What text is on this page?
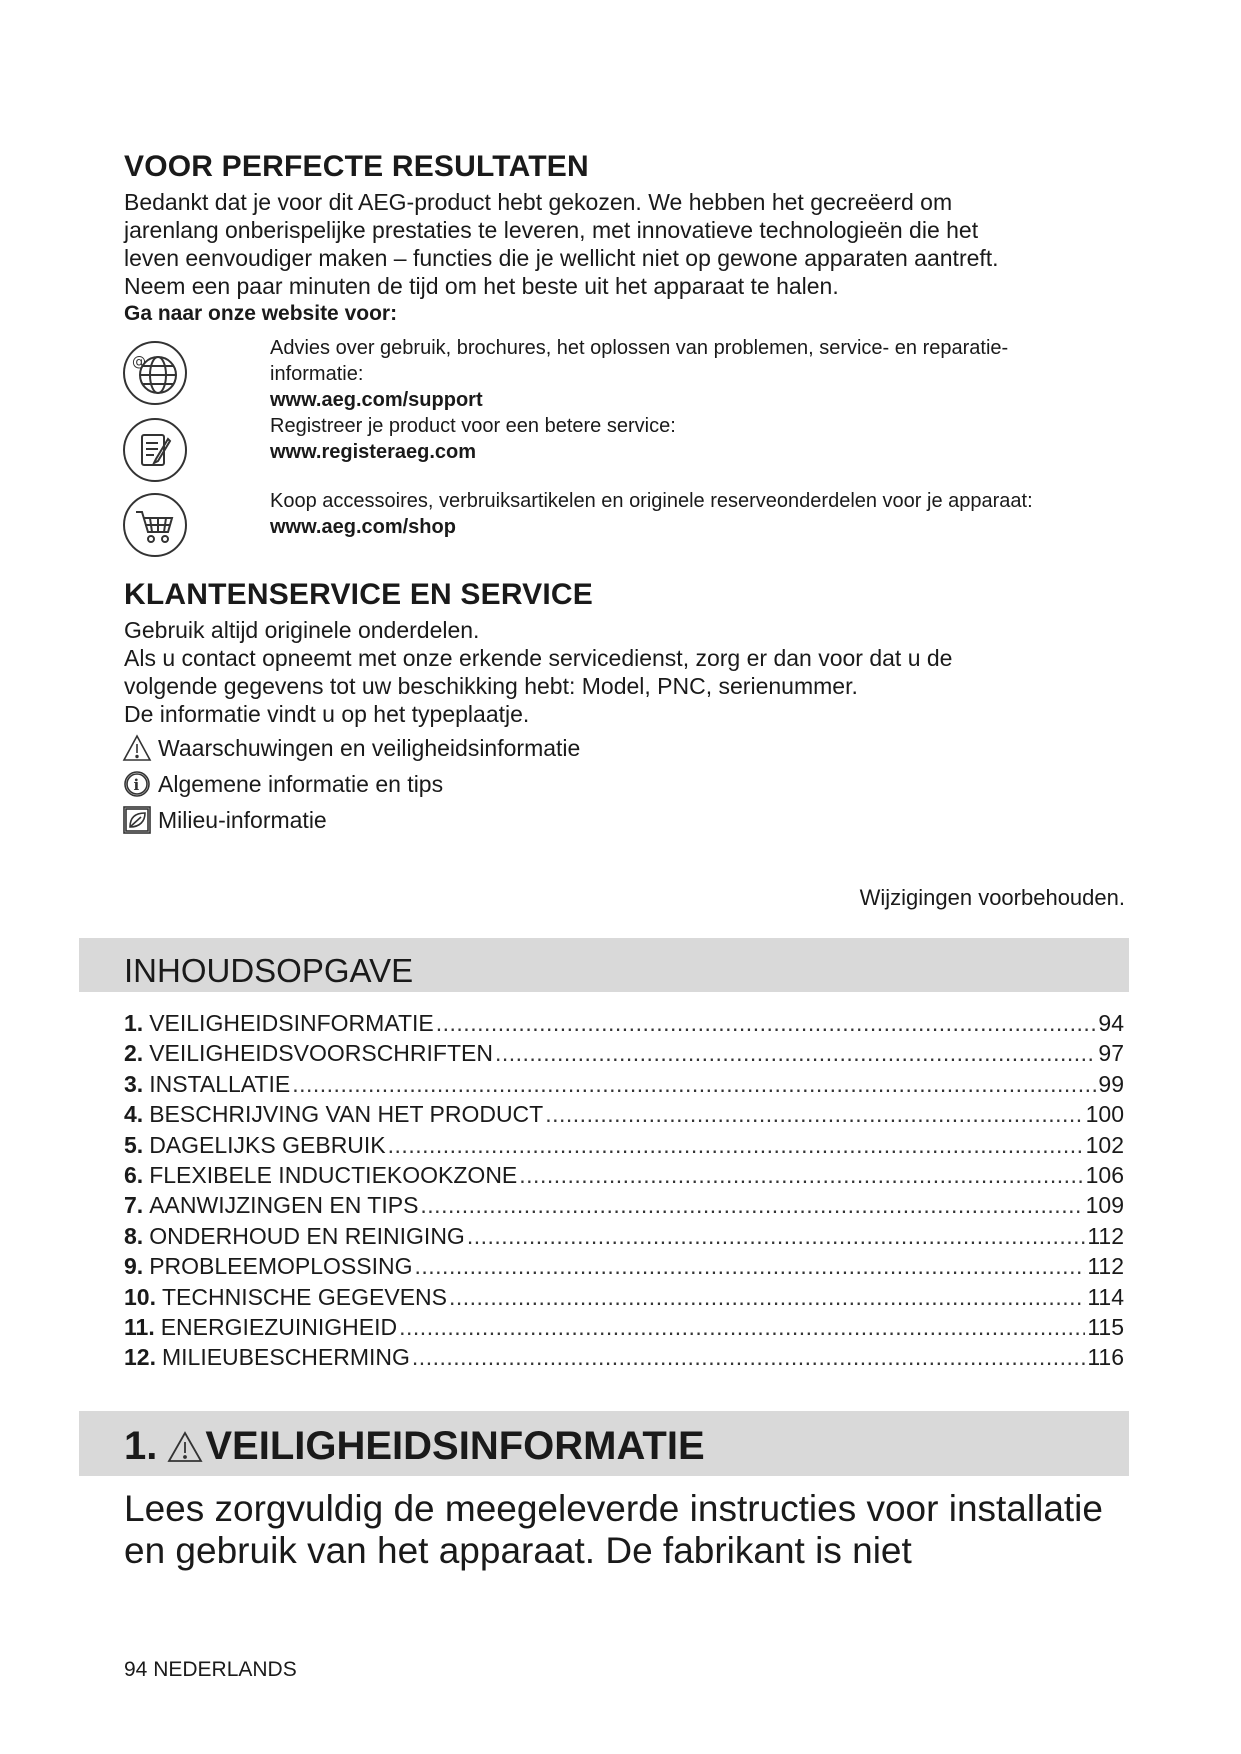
VOOR PERFECTE RESULTATEN
Bedankt dat je voor dit AEG-product hebt gekozen. We hebben het gecreëerd om
jarenlang onberispelijke prestaties te leveren, met innovatieve technologieën die het
leven eenvoudiger maken – functies die je wellicht niet op gewone apparaten aantreft.
Neem een paar minuten de tijd om het beste uit het apparaat te halen.
Ga naar onze website voor:
@
Advies over gebruik, brochures, het oplossen van problemen, service- en reparatie-
informatie:
www.aeg.com/support
Registreer je product voor een betere service:
www.registeraeg.com
Koop accessoires, verbruiksartikelen en originele reserveonderdelen voor je apparaat:
www.aeg.com/shop
KLANTENSERVICE EN SERVICE
Gebruik altijd originele onderdelen.
Als u contact opneemt met onze erkende servicedienst, zorg er dan voor dat u de
volgende gegevens tot uw beschikking hebt: Model, PNC, serienummer.
De informatie vindt u op het typeplaatje.
Waarschuwingen en veiligheidsinformatie
i Algemene informatie en tips
Milieu-informatie
Wijzigingen voorbehouden.
INHOUDSOPGAVE
1. VEILIGHEIDSINFORMATIE .....	94
2. VEILIGHEIDSVOORSCHRIFTEN .....	97
3. INSTALLATIE .....	99
4. BESCHRIJVING VAN HET PRODUCT .....	100
5. DAGELIJKS GEBRUIK .....	102
6. FLEXIBELE INDUCTIEKOOKZONE .....	106
7. AANWIJZINGEN EN TIPS .....	109
8. ONDERHOUD EN REINIGING .....	112
9. PROBLEEMOPLOSSING .....	112
10. TECHNISCHE GEGEVENS .....	114
11. ENERGIEZUINIGHEID .....	115
12. MILIEUBESCHERMING .....	116
1. VEILIGHEIDSINFORMATIE
Lees zorgvuldig de meegeleverde instructies voor installatie
en gebruik van het apparaat. De fabrikant is niet
94 NEDERLANDS
